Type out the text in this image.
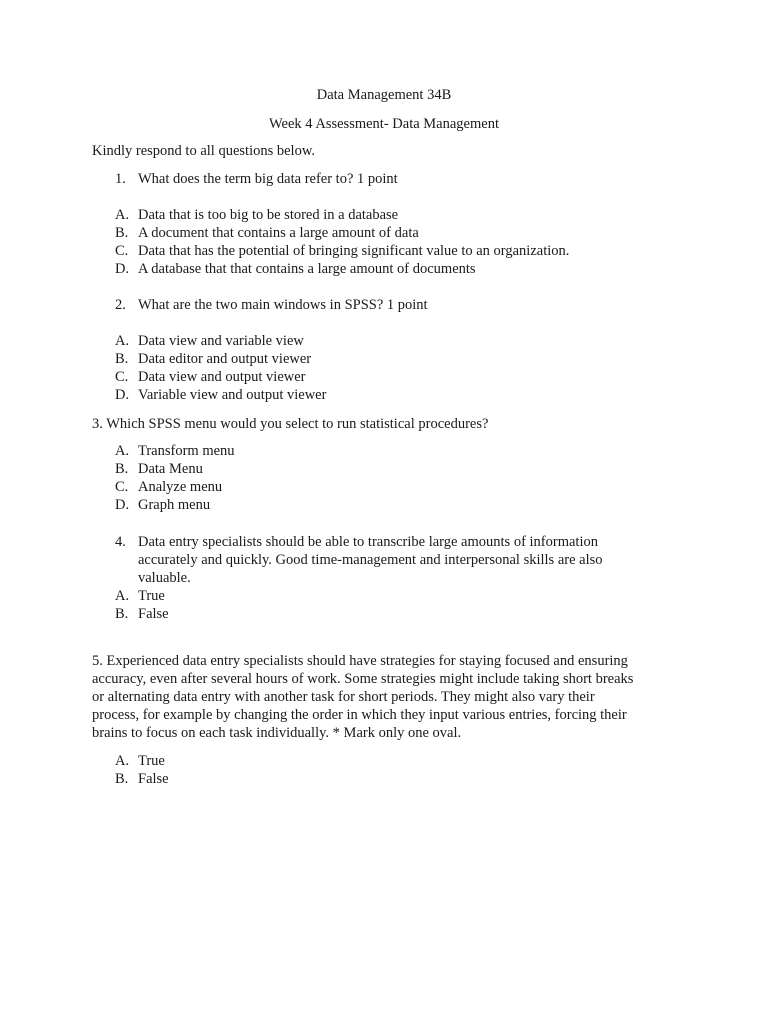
Data Management 34B
Week 4 Assessment- Data Management
Kindly respond to all questions below.
1. What does the term big data refer to? 1 point
A. Data that is too big to be stored in a database
B. A document that contains a large amount of data
C. Data that has the potential of bringing significant value to an organization.
D. A database that that contains a large amount of documents
2. What are the two main windows in SPSS? 1 point
A. Data view and variable view
B. Data editor and output viewer
C. Data view and output viewer
D. Variable view and output viewer
3. Which SPSS menu would you select to run statistical procedures?
A. Transform menu
B. Data Menu
C. Analyze menu
D. Graph menu
4. Data entry specialists should be able to transcribe large amounts of information
accurately and quickly. Good time-management and interpersonal skills are also
valuable.
A. True
B. False
5. Experienced data entry specialists should have strategies for staying focused and ensuring
accuracy, even after several hours of work. Some strategies might include taking short breaks
or alternating data entry with another task for short periods. They might also vary their
process, for example by changing the order in which they input various entries, forcing their
brains to focus on each task individually. * Mark only one oval.
A. True
B. False
